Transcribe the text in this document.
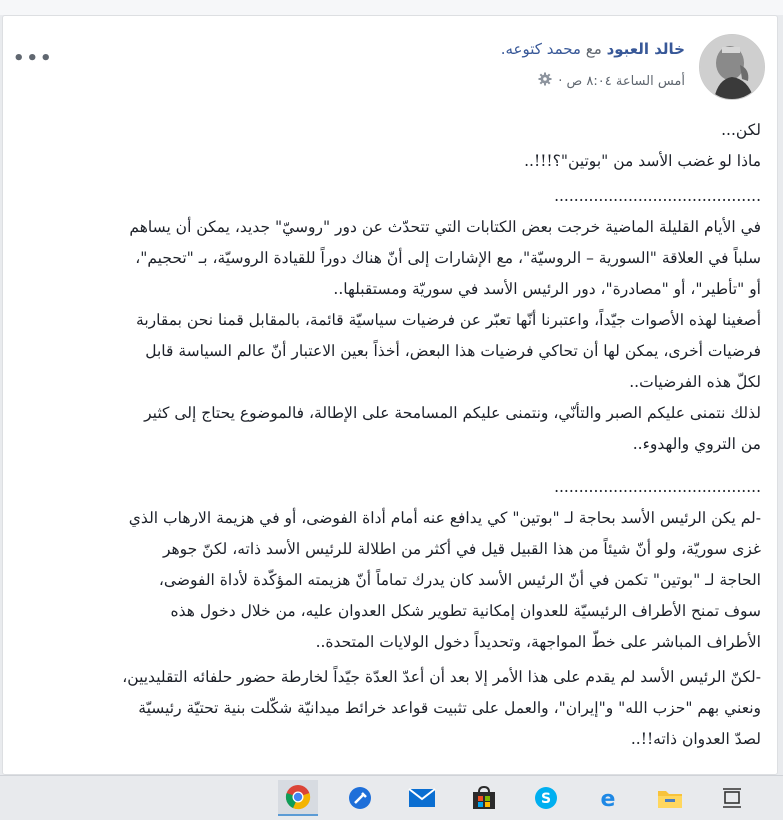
•••	خالد العبود مع محمد كتوعه.
أمس الساعة ٨:٠٤ ص ·

لكن...

ماذا لو غضب الأسد من "بوتين"؟!!!..

..........................................

في الأيام القليلة الماضية خرجت بعض الكتابات التي تتحدّث عن دور "روسيّ" جديد، يمكن أن يساهم

سلباً في العلاقة "السورية – الروسيّة"، مع الإشارات إلى أنّ هناك دوراً للقيادة الروسيّة، بـ "تحجيم"،

أو "تأطير"، أو "مصادرة"، دور الرئيس الأسد في سوريّة ومستقبلها..

أصغينا لهذه الأصوات جيّداً، واعتبرنا أنّها تعبّر عن فرضيات سياسيّة قائمة، بالمقابل قمنا نحن بمقاربة

فرضيات أخرى، يمكن لها أن تحاكي فرضيات هذا البعض، أخذاً بعين الاعتبار أنّ عالم السياسة قابل

لكلّ هذه الفرضيات..

لذلك نتمنى عليكم الصبر والتأنّي، ونتمنى عليكم المسامحة على الإطالة، فالموضوع يحتاج إلى كثير

من التروي والهدوء..

..........................................

-لم يكن الرئيس الأسد بحاجة لـ "بوتين" كي يدافع عنه أمام أداة الفوضى، أو في هزيمة الارهاب الذي

غزى سوريّة، ولو أنّ شيئاً من هذا القبيل قيل في أكثر من اطلالة للرئيس الأسد ذاته، لكنّ جوهر

الحاجة لـ "بوتين" تكمن في أنّ الرئيس الأسد كان يدرك تماماً أنّ هزيمته المؤكّدة لأداة الفوضى،

سوف تمنح الأطراف الرئيسيّة للعدوان إمكانية تطوير شكل العدوان عليه، من خلال دخول هذه

الأطراف المباشر على خطّ المواجهة، وتحديداً دخول الولايات المتحدة..

-لكنّ الرئيس الأسد لم يقدم على هذا الأمر إلا بعد أن أعدّ العدّة جيّداً لخارطة حضور حلفائه التقليديين،

ونعني بهم "حزب الله" و"إيران"، والعمل على تثبيت قواعد خرائط ميدانيّة شكّلت بنية تحتيّة رئيسيّة

لصدّ العدوان ذاته!!..

S e
